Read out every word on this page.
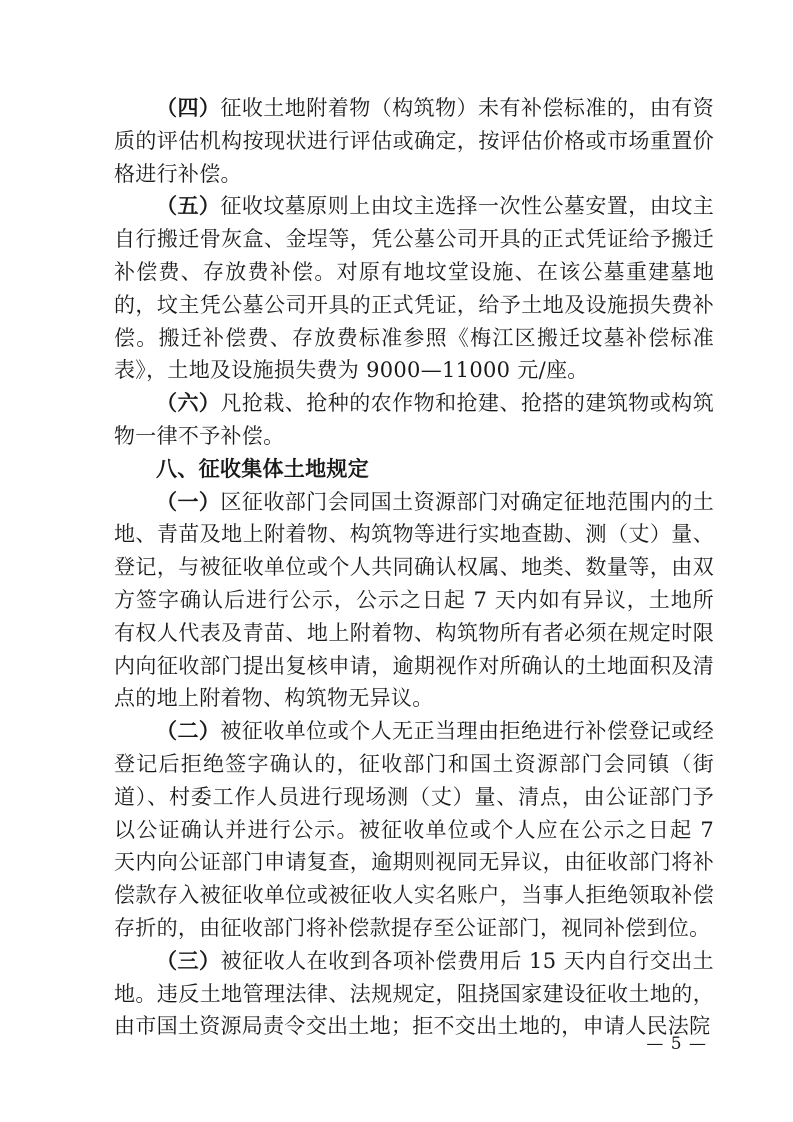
（四）征收土地附着物（构筑物）未有补偿标准的，由有资质的评估机构按现状进行评估或确定，按评估价格或市场重置价格进行补偿。

（五）征收坟墓原则上由坟主选择一次性公墓安置，由坟主自行搬迁骨灰盒、金埕等，凭公墓公司开具的正式凭证给予搬迁补偿费、存放费补偿。对原有地坟堂设施、在该公墓重建墓地的，坟主凭公墓公司开具的正式凭证，给予土地及设施损失费补偿。搬迁补偿费、存放费标准参照《梅江区搬迁坟墓补偿标准表》，土地及设施损失费为 9000—11000 元/座。

（六）凡抢栽、抢种的农作物和抢建、抢搭的建筑物或构筑物一律不予补偿。

八、征收集体土地规定

（一）区征收部门会同国土资源部门对确定征地范围内的土地、青苗及地上附着物、构筑物等进行实地查勘、测（丈）量、登记，与被征收单位或个人共同确认权属、地类、数量等，由双方签字确认后进行公示，公示之日起 7 天内如有异议，土地所有权人代表及青苗、地上附着物、构筑物所有者必须在规定时限内向征收部门提出复核申请，逾期视作对所确认的土地面积及清点的地上附着物、构筑物无异议。

（二）被征收单位或个人无正当理由拒绝进行补偿登记或经登记后拒绝签字确认的，征收部门和国土资源部门会同镇（街道）、村委工作人员进行现场测（丈）量、清点，由公证部门予以公证确认并进行公示。被征收单位或个人应在公示之日起 7 天内向公证部门申请复查，逾期则视同无异议，由征收部门将补偿款存入被征收单位或被征收人实名账户，当事人拒绝领取补偿存折的，由征收部门将补偿款提存至公证部门，视同补偿到位。

（三）被征收人在收到各项补偿费用后 15 天内自行交出土地。违反土地管理法律、法规规定，阻挠国家建设征收土地的，由市国土资源局责令交出土地；拒不交出土地的，申请人民法院

— 5 —
